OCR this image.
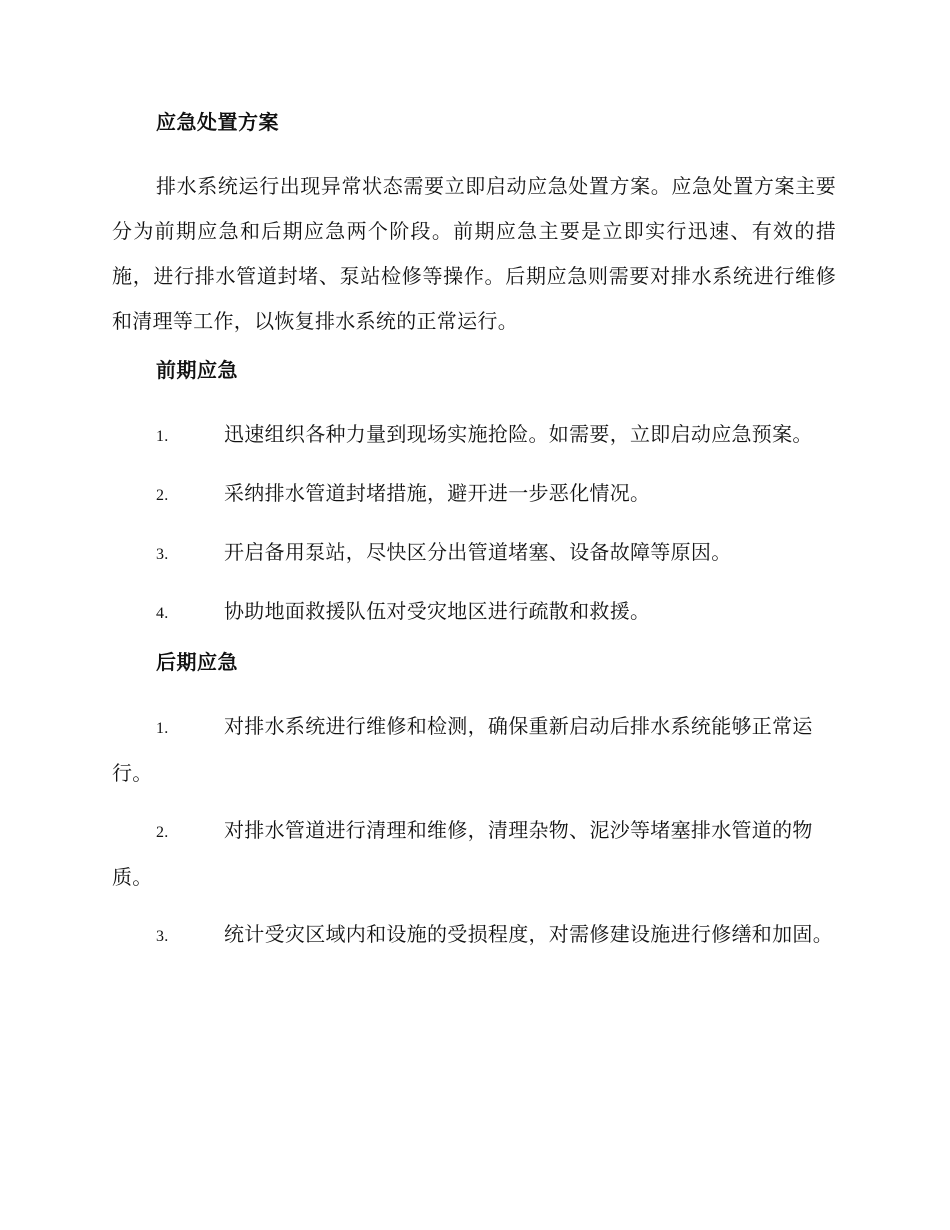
应急处置方案

排水系统运行出现异常状态需要立即启动应急处置方案。应急处置方案主要分为前期应急和后期应急两个阶段。前期应急主要是立即实行迅速、有效的措施，进行排水管道封堵、泵站检修等操作。后期应急则需要对排水系统进行维修和清理等工作，以恢复排水系统的正常运行。

前期应急
1.	迅速组织各种力量到现场实施抢险。如需要，立即启动应急预案。
2.	采纳排水管道封堵措施，避开进一步恶化情况。
3.	开启备用泵站，尽快区分出管道堵塞、设备故障等原因。
4.	协助地面救援队伍对受灾地区进行疏散和救援。
后期应急
1.	对排水系统进行维修和检测，确保重新启动后排水系统能够正常运行。
2.	对排水管道进行清理和维修，清理杂物、泥沙等堵塞排水管道的物质。
3.	统计受灾区域内和设施的受损程度，对需修建设施进行修缮和加固。
